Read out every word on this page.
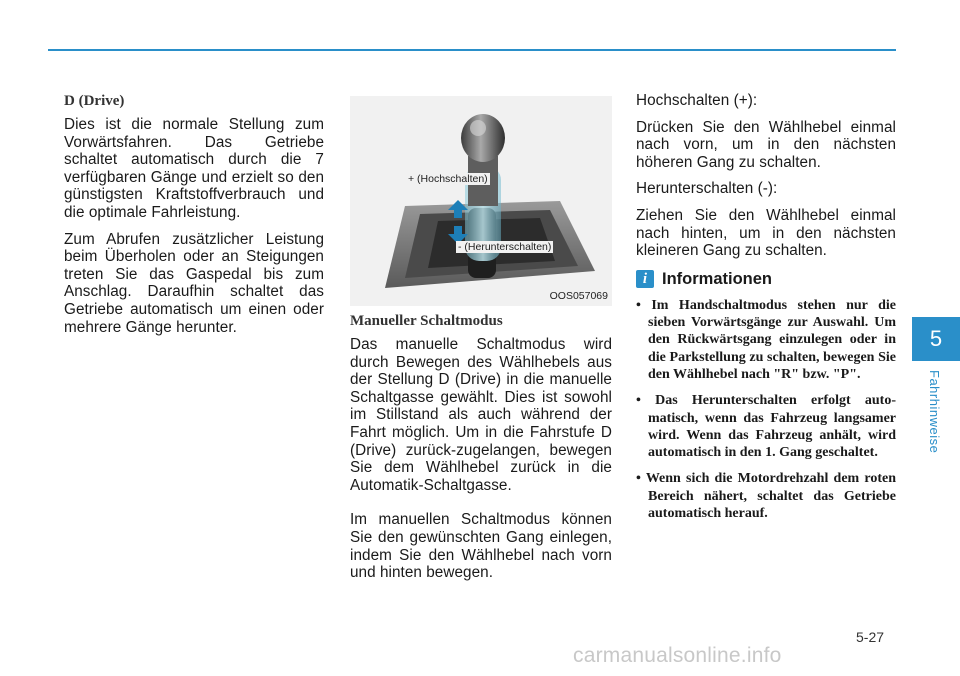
D (Drive)

Dies ist die normale Stellung zum Vorwärtsfahren. Das Getriebe schaltet automatisch durch die 7 verfügbaren Gänge und erzielt so den günstigsten Kraftstoffverbrauch und die optimale Fahrleistung.

Zum Abrufen zusätzlicher Leistung beim Überholen oder an Steigungen treten Sie das Gaspedal bis zum Anschlag. Daraufhin schaltet das Getriebe automatisch um einen oder mehrere Gänge herunter.

+ (Hochschalten)
- (Herunterschalten)
OOS057069
Manueller Schaltmodus

Das manuelle Schaltmodus wird durch Bewegen des Wählhebels aus der Stellung D (Drive) in die manuelle Schaltgasse gewählt. Dies ist sowohl im Stillstand als auch während der Fahrt möglich. Um in die Fahrstufe D (Drive) zurück-zugelangen, bewegen Sie dem Wählhebel zurück in die Automatik-Schaltgasse.

Im manuellen Schaltmodus können Sie den gewünschten Gang einlegen, indem Sie den Wählhebel nach vorn und hinten bewegen.

Hochschalten (+):

Drücken Sie den Wählhebel einmal nach vorn, um in den nächsten höheren Gang zu schalten.

Herunterschalten (-):

Ziehen Sie den Wählhebel einmal nach hinten, um in den nächsten kleineren Gang zu schalten.

i Informationen
• Im Handschaltmodus stehen nur die sieben Vorwärtsgänge zur Auswahl. Um den Rückwärtsgang einzulegen oder in die Parkstellung zu schalten, bewegen Sie den Wählhebel nach "R" bzw. "P".
• Das Herunterschalten erfolgt auto-matisch, wenn das Fahrzeug langsamer wird. Wenn das Fahrzeug anhält, wird automatisch in den 1. Gang geschaltet.
• Wenn sich die Motordrehzahl dem roten Bereich nähert, schaltet das Getriebe automatisch herauf.
5
Fahrhinweise
5-27
carmanualsonline.info
